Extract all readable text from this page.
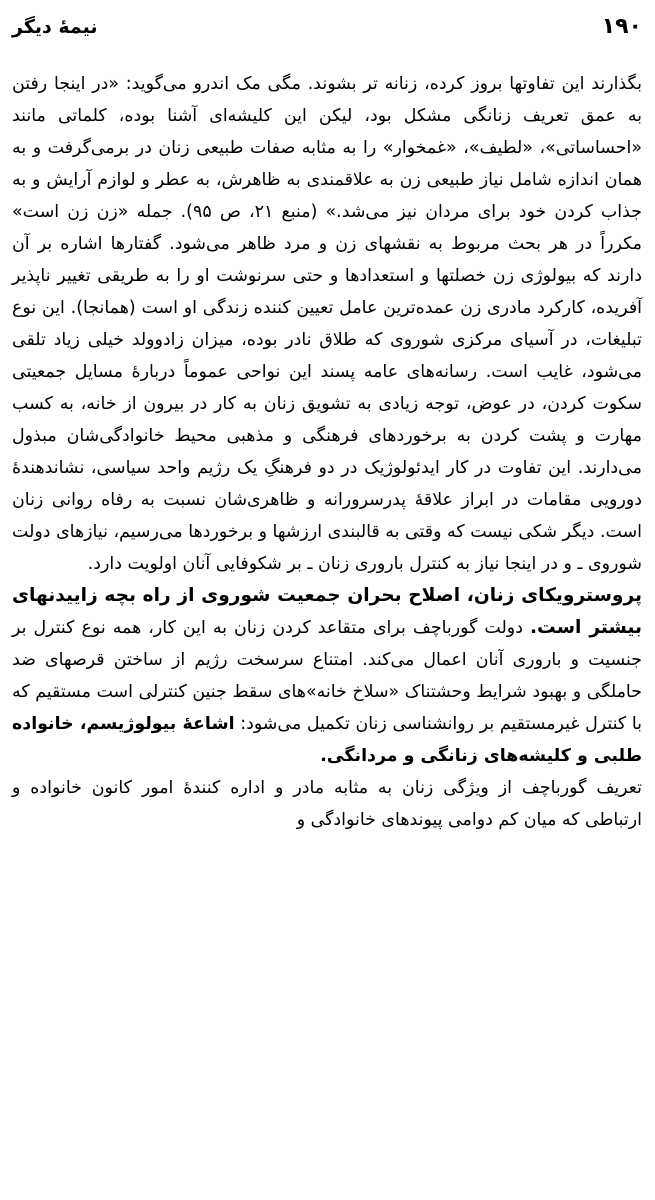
۱۹۰
نیمهٔ دیگر

بگذارند این تفاوتها بروز کرده، زنانه تر بشوند. مگی مک اندرو می‌گوید: «در اینجا رفتن به عمق تعریف زنانگی مشکل بود، لیکن این کلیشه‌ای آشنا بوده، کلماتی مانند «احساساتی»، «لطیف»، «غمخوار» را به مثابه صفات طبیعی زنان در برمی‌گرفت و به همان اندازه شامل نیاز طبیعی زن به علاقمندی به ظاهرش، به عطر و لوازم آرایش و به جذاب کردن خود برای مردان نیز می‌شد.» (منبع ۲۱، ص ۹۵). جمله «زن زن است» مکرراً در هر بحث مربوط به نقشهای زن و مرد ظاهر می‌شود. گفتارها اشاره بر آن دارند که بیولوژی زن خصلتها و استعدادها و حتی سرنوشت او را به طریقی تغییر ناپذیر آفریده، کارکرد مادری زن عمده‌ترین عامل تعیین کننده زندگی او است (همانجا). این نوع تبلیغات، در آسیای مرکزی شوروی که طلاق نادر بوده، میزان زادوولد خیلی زیاد تلقی می‌شود، غایب است. رسانه‌های عامه پسند این نواحی عموماً دربارهٔ مسایل جمعیتی سکوت کردن، در عوض، توجه زیادی به تشویق زنان به کار در بیرون از خانه، به کسب مهارت و پشت کردن به برخوردهای فرهنگی و مذهبی محیط خانوادگی‌شان مبذول می‌دارند. این تفاوت در کار ایدئولوژیک در دو فرهنگِ یک رژیم واحد سیاسی، نشاندهندهٔ دورویی مقامات در ابراز علاقهٔ پدرسرورانه و ظاهری‌شان نسبت به رفاه روانی زنان است. دیگر شکی نیست که وقتی به قالبندی ارزشها و برخوردها می‌رسیم، نیازهای دولت شوروی ـ و در اینجا نیاز به کنترل باروری زنان ـ بر شکوفایی آنان اولویت دارد.

پروسترویکای زنان، اصلاح بحران جمعیت شوروی از راه بچه زاییدنهای بیشتر است. دولت گورباچف برای متقاعد کردن زنان به این کار، همه نوع کنترل بر جنسیت و باروری آنان اعمال می‌کند. امتناع سرسخت رژیم از ساختن قرصهای ضد حاملگی و بهبود شرایط وحشتناک «سلاخ خانه»‌های سقط جنین کنترلی است مستقیم که با کنترل غیرمستقیم بر روانشناسی زنان تکمیل می‌شود: اشاعهٔ بیولوژیسم، خانواده طلبی و کلیشه‌های زنانگی و مردانگی.

تعریف گورباچف از ویژگی زنان به مثابه مادر و اداره کنندهٔ امور کانون خانواده و ارتباطی که میان کم دوامی پیوندهای خانوادگی و
